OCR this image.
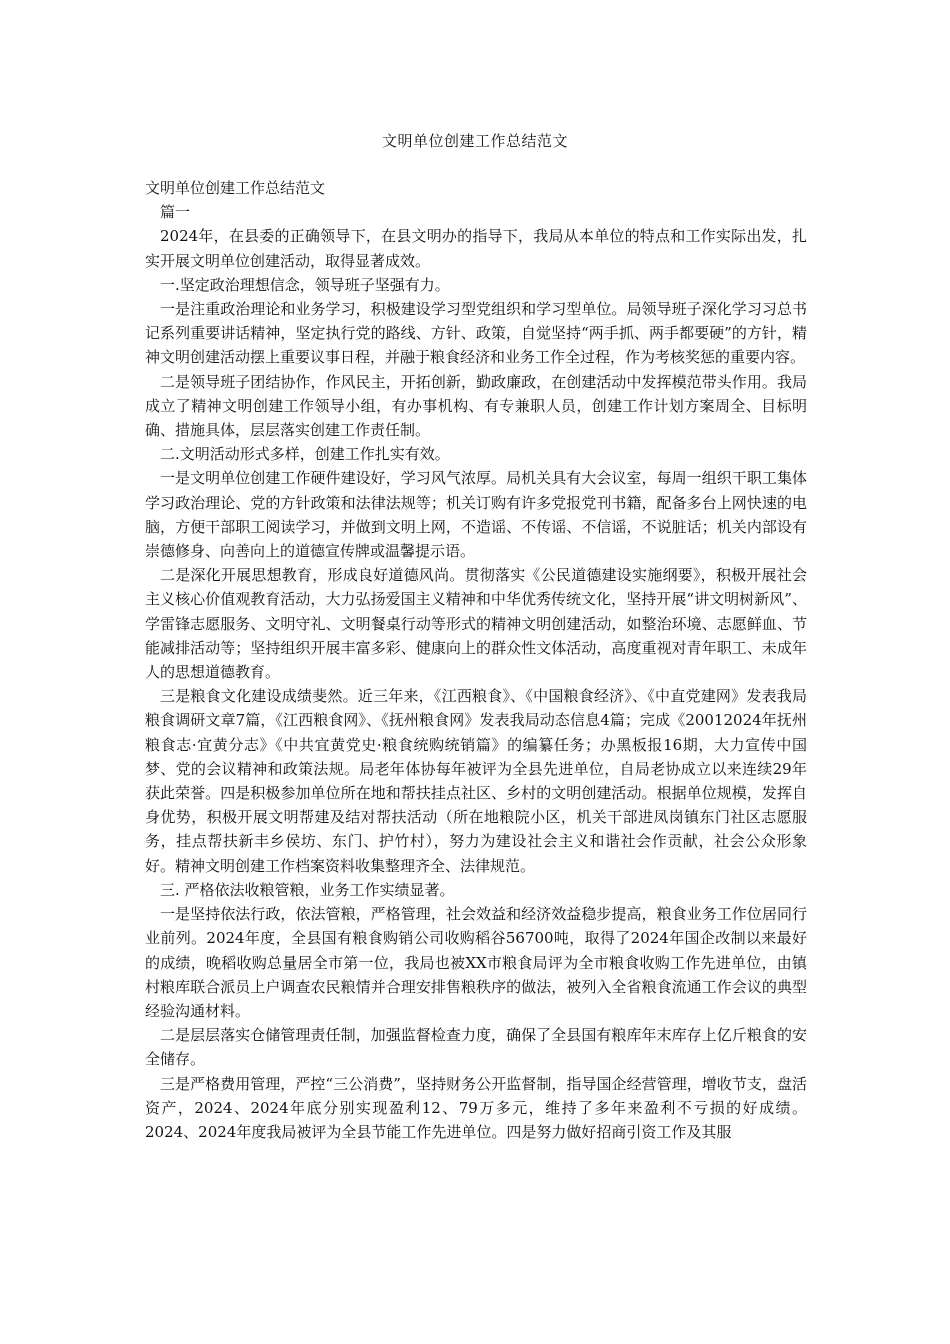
文明单位创建工作总结范文

文明单位创建工作总结范文

篇一

2024年，在县委的正确领导下，在县文明办的指导下，我局从本单位的特点和工作实际出发，扎实开展文明单位创建活动，取得显著成效。

一.坚定政治理想信念，领导班子坚强有力。

一是注重政治理论和业务学习，积极建设学习型党组织和学习型单位。局领导班子深化学习习总书记系列重要讲话精神，坚定执行党的路线、方针、政策，自觉坚持“两手抓、两手都要硬”的方针，精神文明创建活动摆上重要议事日程，并融于粮食经济和业务工作全过程，作为考核奖惩的重要内容。

二是领导班子团结协作，作风民主，开拓创新，勤政廉政，在创建活动中发挥模范带头作用。我局成立了精神文明创建工作领导小组，有办事机构、有专兼职人员，创建工作计划方案周全、目标明确、措施具体，层层落实创建工作责任制。

二.文明活动形式多样，创建工作扎实有效。

一是文明单位创建工作硬件建设好，学习风气浓厚。局机关具有大会议室，每周一组织干职工集体学习政治理论、党的方针政策和法律法规等；机关订购有许多党报党刊书籍，配备多台上网快速的电脑，方便干部职工阅读学习，并做到文明上网，不造谣、不传谣、不信谣，不说脏话；机关内部设有崇德修身、向善向上的道德宣传牌或温馨提示语。

二是深化开展思想教育，形成良好道德风尚。贯彻落实《公民道德建设实施纲要》，积极开展社会主义核心价值观教育活动，大力弘扬爱国主义精神和中华优秀传统文化，坚持开展“讲文明树新风”、学雷锋志愿服务、文明守礼、文明餐桌行动等形式的精神文明创建活动，如整治环境、志愿鲜血、节能减排活动等；坚持组织开展丰富多彩、健康向上的群众性文体活动，高度重视对青年职工、未成年人的思想道德教育。

三是粮食文化建设成绩斐然。近三年来，《江西粮食》、《中国粮食经济》、《中直党建网》发表我局粮食调研文章7篇，《江西粮食网》、《抚州粮食网》发表我局动态信息4篇；完成《20012024年抚州粮食志·宜黄分志》《中共宜黄党史·粮食统购统销篇》的编纂任务；办黑板报16期，大力宣传中国梦、党的会议精神和政策法规。局老年体协每年被评为全县先进单位，自局老协成立以来连续29年获此荣誉。四是积极参加单位所在地和帮扶挂点社区、乡村的文明创建活动。根据单位规模，发挥自身优势，积极开展文明帮建及结对帮扶活动（所在地粮院小区，机关干部进凤岗镇东门社区志愿服务，挂点帮扶新丰乡侯坊、东门、护竹村），努力为建设社会主义和谐社会作贡献，社会公众形象好。精神文明创建工作档案资料收集整理齐全、法律规范。

三. 严格依法收粮管粮，业务工作实绩显著。

一是坚持依法行政，依法管粮，严格管理，社会效益和经济效益稳步提高，粮食业务工作位居同行业前列。2024年度，全县国有粮食购销公司收购稻谷56700吨，取得了2024年国企改制以来最好的成绩，晚稻收购总量居全市第一位，我局也被XX市粮食局评为全市粮食收购工作先进单位，由镇村粮库联合派员上户调查农民粮情并合理安排售粮秩序的做法，被列入全省粮食流通工作会议的典型经验沟通材料。

二是层层落实仓储管理责任制，加强监督检查力度，确保了全县国有粮库年末库存上亿斤粮食的安全储存。

三是严格费用管理，严控“三公消费”，坚持财务公开监督制，指导国企经营管理，增收节支，盘活资产，2024、2024年底分别实现盈利12、79万多元，维持了多年来盈利不亏损的好成绩。2024、2024年度我局被评为全县节能工作先进单位。四是努力做好招商引资工作及其服
